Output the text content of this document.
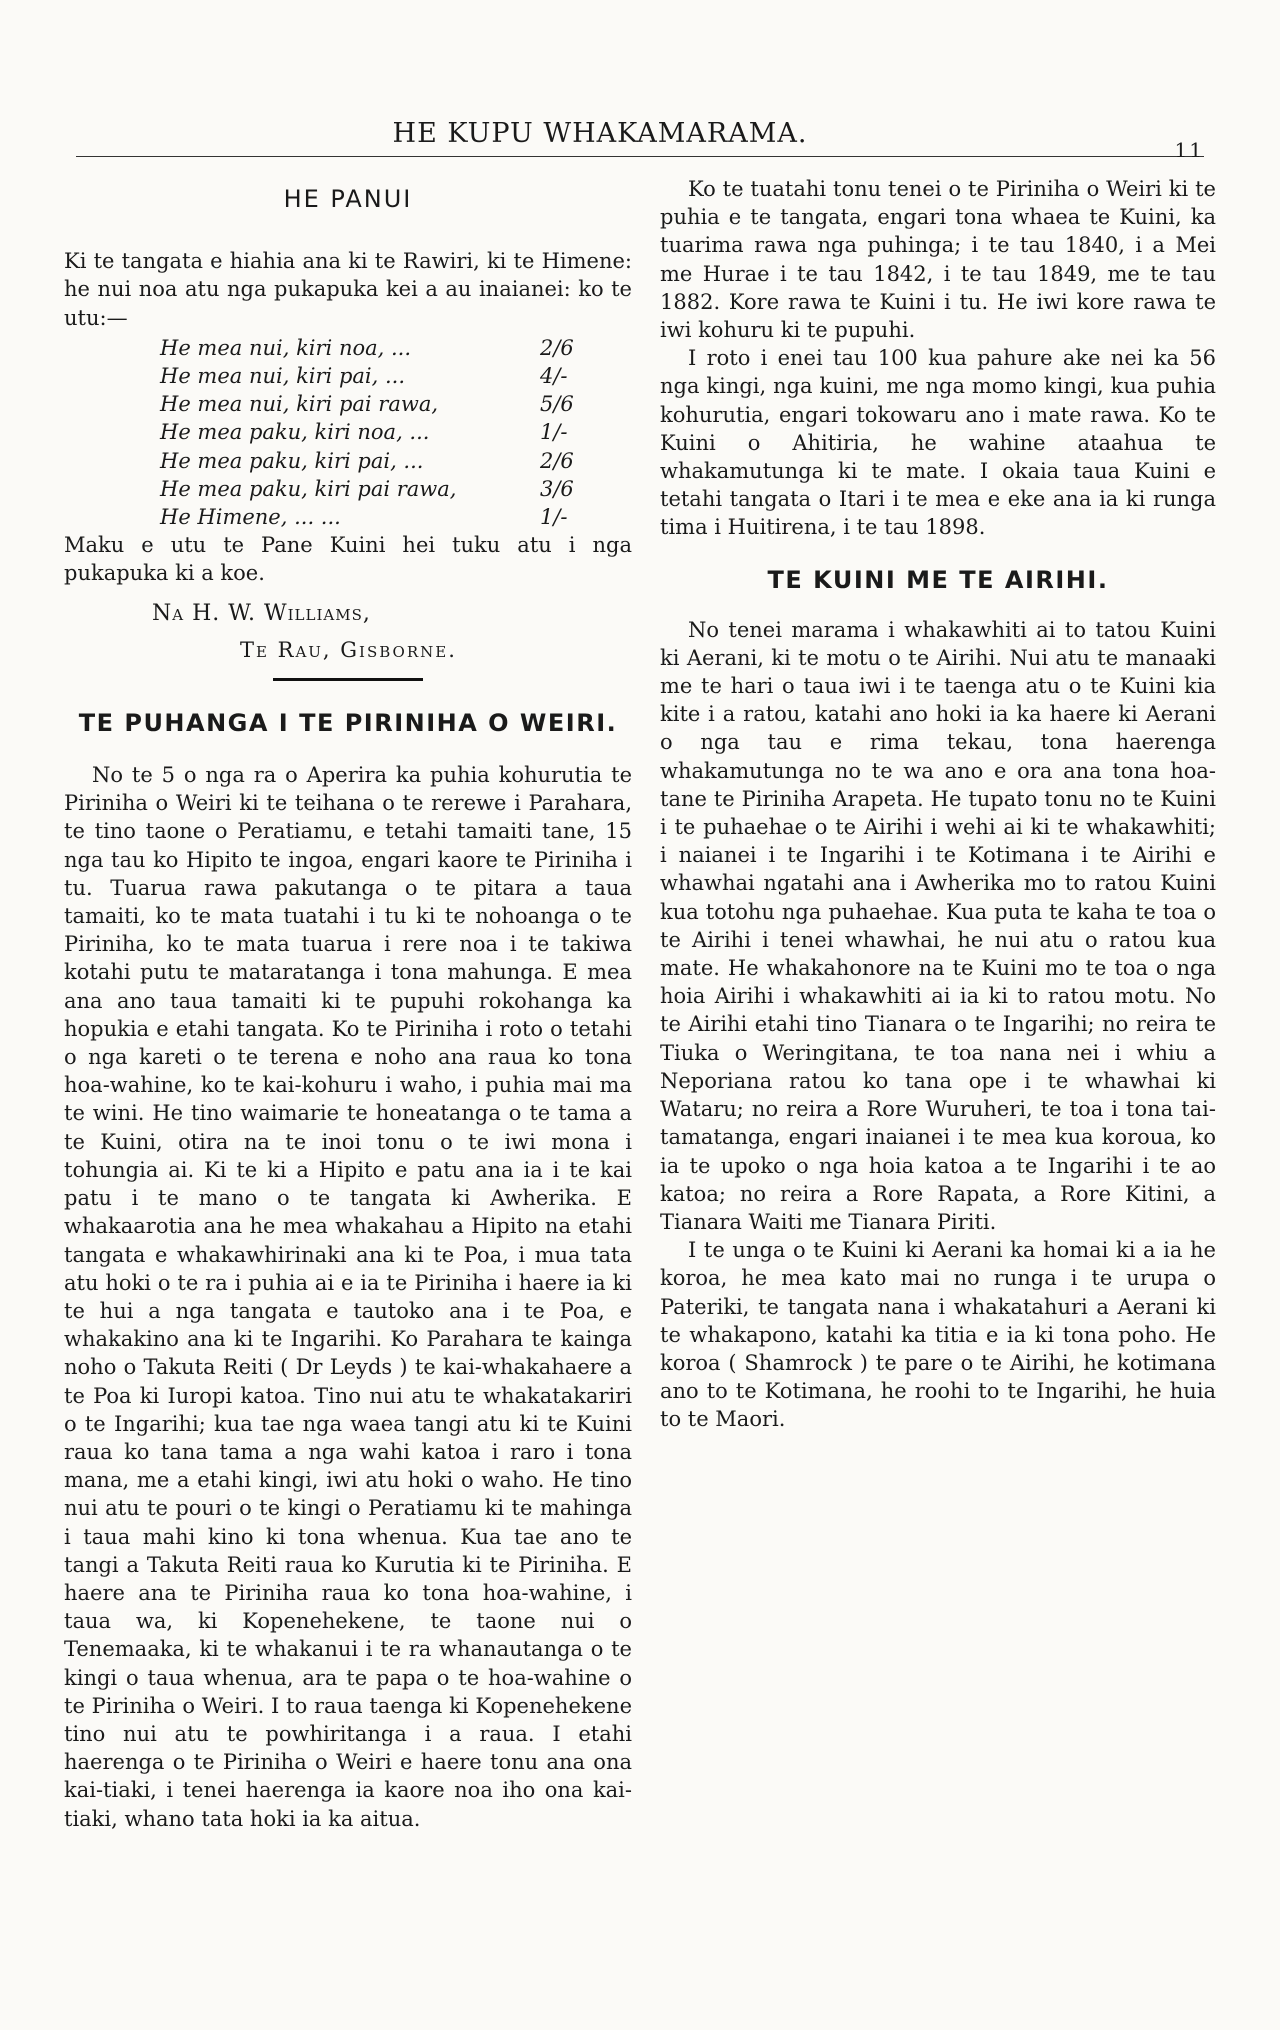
HE KUPU WHAKAMARAMA.
11
HE PANUI

Ki te tangata e hiahia ana ki te Rawiri, ki te Himene: he nui noa atu nga pukapuka kei a au inaianei: ko te utu:—

He mea nui, kiri noa, ...	2/6
He mea nui, kiri pai, ...	4/-
He mea nui, kiri pai rawa,	5/6
He mea paku, kiri noa, ...	1/-
He mea paku, kiri pai, ...	2/6
He mea paku, kiri pai rawa,	3/6
He Himene, ... ...	1/-

Maku e utu te Pane Kuini hei tuku atu i nga pukapuka ki a koe.

Na H. W. Williams,
Te Rau, Gisborne.
TE PUHANGA I TE PIRINIHA O WEIRI.

No te 5 o nga ra o Aperira ka puhia kohurutia te Piriniha o Weiri ki te teihana o te rerewe i Parahara, te tino taone o Peratiamu, e tetahi tamaiti tane, 15 nga tau ko Hipito te ingoa, engari kaore te Piriniha i tu. Tuarua rawa pakutanga o te pitara a taua tamaiti, ko te mata tuatahi i tu ki te nohoanga o te Piriniha, ko te mata tuarua i rere noa i te takiwa kotahi putu te mataratanga i tona mahunga. E mea ana ano taua tamaiti ki te pupuhi rokohanga ka hopukia e etahi tangata. Ko te Piriniha i roto o tetahi o nga kareti o te terena e noho ana raua ko tona hoa-wahine, ko te kai-kohuru i waho, i puhia mai ma te wini. He tino waimarie te honeatanga o te tama a te Kuini, otira na te inoi tonu o te iwi mona i tohungia ai. Ki te ki a Hipito e patu ana ia i te kai patu i te mano o te tangata ki Awherika. E whakaarotia ana he mea whakahau a Hipito na etahi tangata e whakawhirinaki ana ki te Poa, i mua tata atu hoki o te ra i puhia ai e ia te Piriniha i haere ia ki te hui a nga tangata e tautoko ana i te Poa, e whakakino ana ki te Ingarihi. Ko Parahara te kainga noho o Takuta Reiti ( Dr Leyds ) te kai-whakahaere a te Poa ki Iuropi katoa. Tino nui atu te whakatakariri o te Ingarihi; kua tae nga waea tangi atu ki te Kuini raua ko tana tama a nga wahi katoa i raro i tona mana, me a etahi kingi, iwi atu hoki o waho. He tino nui atu te pouri o te kingi o Peratiamu ki te mahinga i taua mahi kino ki tona whenua. Kua tae ano te tangi a Takuta Reiti raua ko Kurutia ki te Piriniha. E haere ana te Piriniha raua ko tona hoa-wahine, i taua wa, ki Kopenehekene, te taone nui o Tenemaaka, ki te whakanui i te ra whanautanga o te kingi o taua whenua, ara te papa o te hoa-wahine o te Piriniha o Weiri. I to raua taenga ki Kopenehekene tino nui atu te powhiritanga i a raua. I etahi haerenga o te Piriniha o Weiri e haere tonu ana ona kai-tiaki, i tenei haerenga ia kaore noa iho ona kai-tiaki, whano tata hoki ia ka aitua.

Ko te tuatahi tonu tenei o te Piriniha o Weiri ki te puhia e te tangata, engari tona whaea te Kuini, ka tuarima rawa nga puhinga; i te tau 1840, i a Mei me Hurae i te tau 1842, i te tau 1849, me te tau 1882. Kore rawa te Kuini i tu. He iwi kore rawa te iwi kohuru ki te pupuhi.

I roto i enei tau 100 kua pahure ake nei ka 56 nga kingi, nga kuini, me nga momo kingi, kua puhia kohurutia, engari tokowaru ano i mate rawa. Ko te Kuini o Ahitiria, he wahine ataahua te whakamutunga ki te mate. I okaia taua Kuini e tetahi tangata o Itari i te mea e eke ana ia ki runga tima i Huitirena, i te tau 1898.

TE KUINI ME TE AIRIHI.

No tenei marama i whakawhiti ai to tatou Kuini ki Aerani, ki te motu o te Airihi. Nui atu te manaaki me te hari o taua iwi i te taenga atu o te Kuini kia kite i a ratou, katahi ano hoki ia ka haere ki Aerani o nga tau e rima tekau, tona haerenga whakamutunga no te wa ano e ora ana tona hoa-tane te Piriniha Arapeta. He tupato tonu no te Kuini i te puhaehae o te Airihi i wehi ai ki te whakawhiti; i naianei i te Ingarihi i te Kotimana i te Airihi e whawhai ngatahi ana i Awherika mo to ratou Kuini kua totohu nga puhaehae. Kua puta te kaha te toa o te Airihi i tenei whawhai, he nui atu o ratou kua mate. He whakahonore na te Kuini mo te toa o nga hoia Airihi i whakawhiti ai ia ki to ratou motu. No te Airihi etahi tino Tianara o te Ingarihi; no reira te Tiuka o Weringitana, te toa nana nei i whiu a Neporiana ratou ko tana ope i te whawhai ki Wataru; no reira a Rore Wuruheri, te toa i tona tai-tamatanga, engari inaianei i te mea kua koroua, ko ia te upoko o nga hoia katoa a te Ingarihi i te ao katoa; no reira a Rore Rapata, a Rore Kitini, a Tianara Waiti me Tianara Piriti.

I te unga o te Kuini ki Aerani ka homai ki a ia he koroa, he mea kato mai no runga i te urupa o Pateriki, te tangata nana i whakatahuri a Aerani ki te whakapono, katahi ka titia e ia ki tona poho. He koroa ( Shamrock ) te pare o te Airihi, he kotimana ano to te Kotimana, he roohi to te Ingarihi, he huia to te Maori.
